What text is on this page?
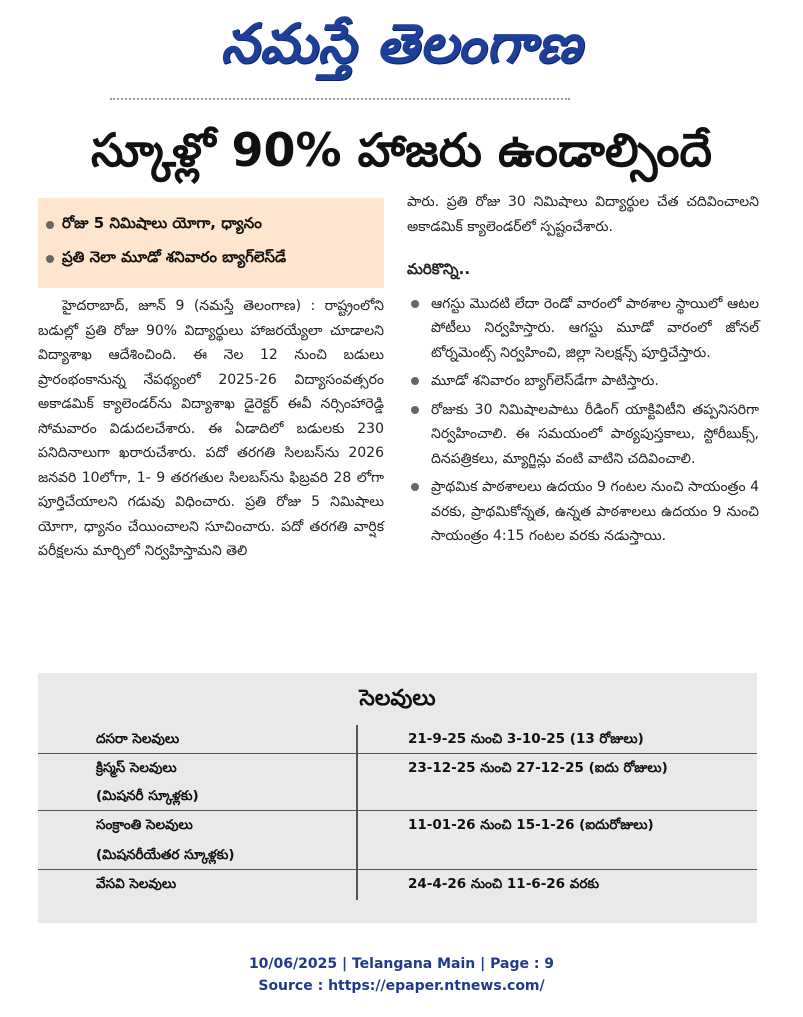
నమస్తే తెలంగాణ
స్కూళ్లో 90% హాజరు ఉండాల్సిందే
రోజు 5 నిమిషాలు యోగా, ధ్యానం
ప్రతి నెలా మూడో శనివారం బ్యాగ్‌లెస్‌డే
హైదరాబాద్, జూన్ 9 (నమస్తే తెలంగాణ) : రాష్ట్రంలోని బడుల్లో ప్రతి రోజు 90% విద్యార్థులు హాజరయ్యేలా చూడాలని విద్యాశాఖ ఆదేశించింది. ఈ నెల 12 నుంచి బడులు ప్రారంభంకానున్న నేపథ్యంలో 2025-26 విద్యాసంవత్సరం అకాడమిక్ క్యాలెండర్‌ను విద్యాశాఖ డైరెక్టర్ ఈవీ నర్సింహారెడ్డి సోమవారం విడుదలచేశారు. ఈ ఏడాదిలో బడులకు 230 పనిదినాలుగా ఖరారుచేశారు. పదో తరగతి సిలబస్‌ను 2026 జనవరి 10లోగా, 1- 9 తరగతుల సిలబస్‌ను ఫిబ్రవరి 28 లోగా పూర్తిచేయాలని గడువు విధించారు. ప్రతి రోజు 5 నిమిషాలు యోగా, ధ్యానం చేయించాలని సూచించారు. పదో తరగతి వార్షిక పరీక్షలను మార్చిలో నిర్వహిస్తామని తెలి

పారు. ప్రతి రోజు 30 నిమిషాలు విద్యార్థుల చేత చదివించాలని అకాడమిక్ క్యాలెండర్‌లో స్పష్టంచేశారు.

మరికొన్ని..
ఆగస్టు మొదటి లేదా రెండో వారంలో పాఠశాల స్థాయిలో ఆటల పోటీలు నిర్వహిస్తారు. ఆగస్టు మూడో వారంలో జోనల్ టోర్నమెంట్స్ నిర్వహించి, జిల్లా సెలక్షన్స్ పూర్తిచేస్తారు.
మూడో శనివారం బ్యాగ్‌లెస్‌డేగా పాటిస్తారు.
రోజుకు 30 నిమిషాలపాటు రీడింగ్ యాక్టివిటీని తప్పనిసరిగా నిర్వహించాలి. ఈ సమయంలో పాఠ్యపుస్తకాలు, స్టోరీబుక్స్, దినపత్రికలు, మ్యాగ్జిన్లు వంటి వాటిని చదివించాలి.
ప్రాథమిక పాఠశాలలు ఉదయం 9 గంటల నుంచి సాయంత్రం 4 వరకు, ప్రాథమికోన్నత, ఉన్నత పాఠశాలలు ఉదయం 9 నుంచి సాయంత్రం 4:15 గంటల వరకు నడుస్తాయి.
సెలవులు
దసరా సెలవులు	21-9-25 నుంచి 3-10-25 (13 రోజులు)
క్రిస్మస్ సెలవులు	23-12-25 నుంచి 27-12-25 (ఐదు రోజులు)
(మిషనరీ స్కూళ్లకు)
సంక్రాంతి సెలవులు	11-01-26 నుంచి 15-1-26 (ఐదురోజులు)
(మిషనరీయేతర స్కూళ్లకు)
వేసవి సెలవులు	24-4-26 నుంచి 11-6-26 వరకు
10/06/2025 | Telangana Main | Page : 9
Source : https://epaper.ntnews.com/
